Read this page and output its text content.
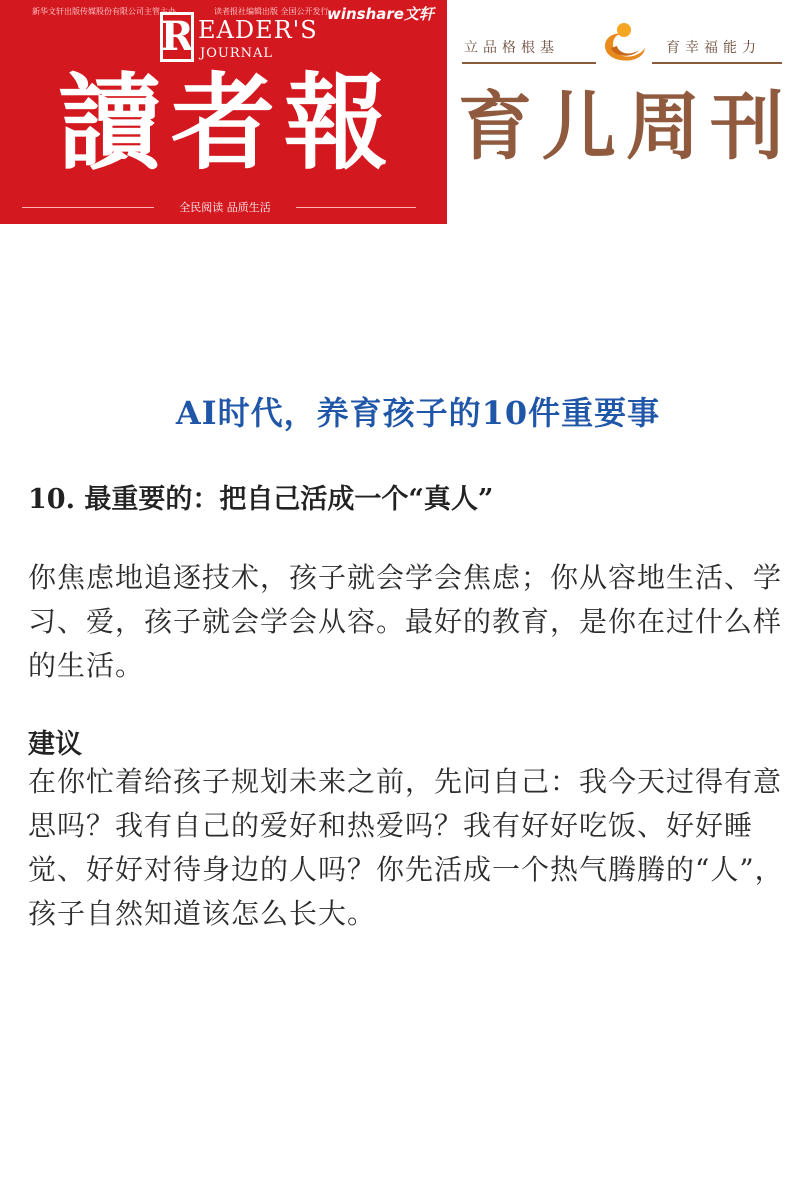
新华文轩出版传媒股份有限公司主管主办	读者报社编辑出版 全国公开发行
winshare文轩
R EADER'S
JOURNAL
讀 者 報
全民阅读 品质生活
立品格根基	育幸福能力
育 儿 周 刊
AI时代，养育孩子的10件重要事
10. 最重要的：把自己活成一个“真人”

你焦虑地追逐技术，孩子就会学会焦虑；你从容地生活、学习、爱，孩子就会学会从容。最好的教育，是你在过什么样的生活。

建议

在你忙着给孩子规划未来之前，先问自己：我今天过得有意思吗？我有自己的爱好和热爱吗？我有好好吃饭、好好睡觉、好好对待身边的人吗？你先活成一个热气腾腾的“人”，孩子自然知道该怎么长大。
